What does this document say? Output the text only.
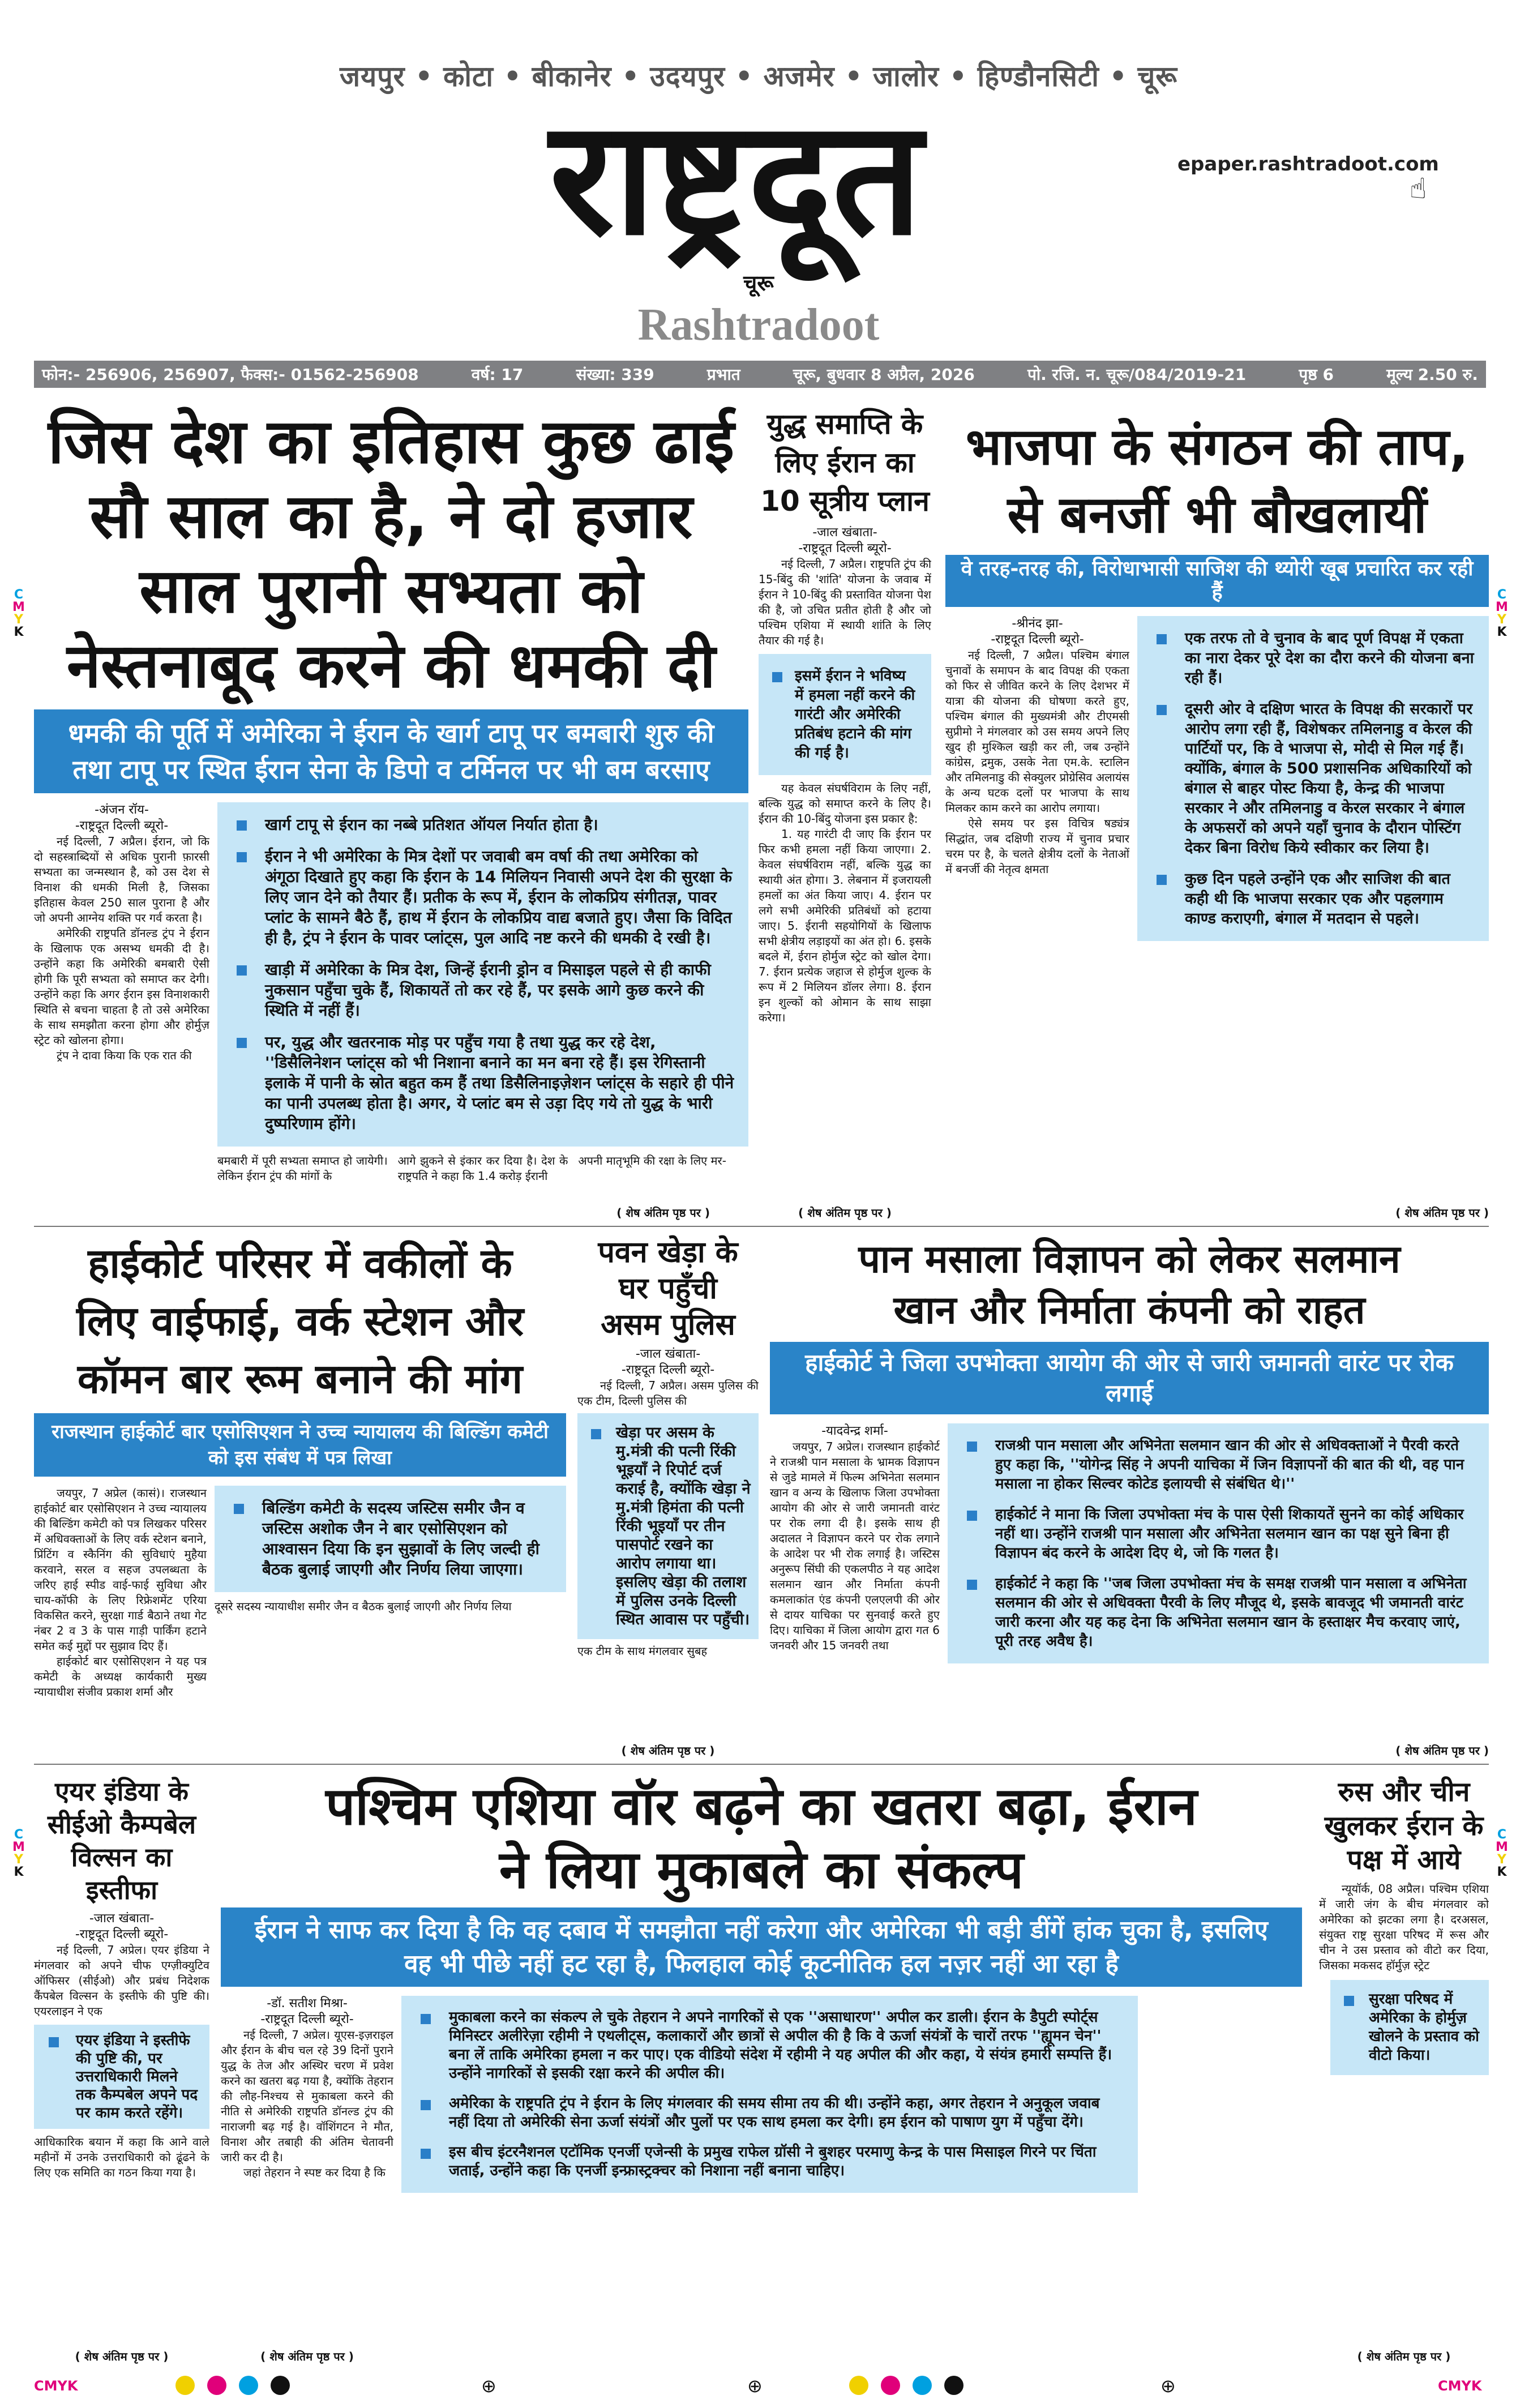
जयपुर • कोटा • बीकानेर • उदयपुर • अजमेर • जालोर • हिण्डौनसिटी • चूरू
राष्ट्रदूत
चूरू
Rashtradoot
epaper.rashtradoot.com
☝
फोन:- 256906, 256907, फैक्स:- 01562-256908	वर्ष: 17	संख्या: 339	प्रभात	चूरू, बुधवार 8 अप्रैल, 2026	पो. रजि. न. चूरू/084/2019-21	पृष्ठ 6	मूल्य 2.50 रु.
C
M
Y
K
C
M
Y
K
C
M
Y
K
C
M
Y
K
जिस देश का इतिहास कुछ ढाई
सौ साल का है, ने दो हजार
साल पुरानी सभ्यता को
नेस्तनाबूद करने की धमकी दी
धमकी की पूर्ति में अमेरिका ने ईरान के खार्ग टापू पर बमबारी शुरु की तथा टापू पर स्थित ईरान सेना के डिपो व टर्मिनल पर भी बम बरसाए
-अंजन रॉय-
-राष्ट्रदूत दिल्ली ब्यूरो-

नई दिल्ली, 7 अप्रैल। ईरान, जो कि दो सहस्त्राब्दियों से अधिक पुरानी फ़ारसी सभ्यता का जन्मस्थान है, को उस देश से विनाश की धमकी मिली है, जिसका इतिहास केवल 250 साल पुराना है और जो अपनी आग्नेय शक्ति पर गर्व करता है।

अमेरिकी राष्ट्रपति डॉनल्ड ट्रंप ने ईरान के खिलाफ एक असभ्य धमकी दी है। उन्होंने कहा कि अमेरिकी बमबारी ऐसी होगी कि पूरी सभ्यता को समाप्त कर देगी। उन्होंने कहा कि अगर ईरान इस विनाशकारी स्थिति से बचना चाहता है तो उसे अमेरिका के साथ समझौता करना होगा और होर्मुज़ स्ट्रेट को खोलना होगा।

ट्रंप ने दावा किया कि एक रात की

खार्ग टापू से ईरान का नब्बे प्रतिशत ऑयल निर्यात होता है।
ईरान ने भी अमेरिका के मित्र देशों पर जवाबी बम वर्षा की तथा अमेरिका को अंगूठा दिखाते हुए कहा कि ईरान के 14 मिलियन निवासी अपने देश की सुरक्षा के लिए जान देने को तैयार हैं। प्रतीक के रूप में, ईरान के लोकप्रिय संगीतज्ञ, पावर प्लांट के सामने बैठे हैं, हाथ में ईरान के लोकप्रिय वाद्य बजाते हुए। जैसा कि विदित ही है, ट्रंप ने ईरान के पावर प्लांट्स, पुल आदि नष्ट करने की धमकी दे रखी है।
खाड़ी में अमेरिका के मित्र देश, जिन्हें ईरानी ड्रोन व मिसाइल पहले से ही काफी नुकसान पहुँचा चुके हैं, शिकायतें तो कर रहे हैं, पर इसके आगे कुछ करने की स्थिति में नहीं हैं।
पर, युद्ध और खतरनाक मोड़ पर पहुँच गया है तथा युद्ध कर रहे देश, ''डिसैलिनेशन प्लांट्स को भी निशाना बनाने का मन बना रहे हैं। इस रेगिस्तानी इलाके में पानी के स्रोत बहुत कम हैं तथा डिसैलिनाइज़ेशन प्लांट्स के सहारे ही पीने का पानी उपलब्ध होता है। अगर, ये प्लांट बम से उड़ा दिए गये तो युद्ध के भारी दुष्परिणाम होंगे।
बमबारी में पूरी सभ्यता समाप्त हो जायेगी। लेकिन ईरान ट्रंप की मांगों के
आगे झुकने से इंकार कर दिया है। देश के राष्ट्रपति ने कहा कि 1.4 करोड़ ईरानी
अपनी मातृभूमि की रक्षा के लिए मर-
( शेष अंतिम पृष्ठ पर )
युद्ध समाप्ति के
लिए ईरान का
10 सूत्रीय प्लान
-जाल खंबाता-
-राष्ट्रदूत दिल्ली ब्यूरो-

नई दिल्ली, 7 अप्रैल। राष्ट्रपति ट्रंप की 15-बिंदु की 'शांति' योजना के जवाब में ईरान ने 10-बिंदु की प्रस्तावित योजना पेश की है, जो उचित प्रतीत होती है और जो पश्चिम एशिया में स्थायी शांति के लिए तैयार की गई है।

इसमें ईरान ने भविष्य में हमला नहीं करने की गारंटी और अमेरिकी प्रतिबंध हटाने की मांग की गई है।

यह केवल संघर्षविराम के लिए नहीं, बल्कि युद्ध को समाप्त करने के लिए है। ईरान की 10-बिंदु योजना इस प्रकार है:

1. यह गारंटी दी जाए कि ईरान पर फिर कभी हमला नहीं किया जाएगा। 2. केवल संघर्षविराम नहीं, बल्कि युद्ध का स्थायी अंत होगा। 3. लेबनान में इजरायली हमलों का अंत किया जाए। 4. ईरान पर लगे सभी अमेरिकी प्रतिबंधों को हटाया जाए। 5. ईरानी सहयोगियों के खिलाफ सभी क्षेत्रीय लड़ाइयों का अंत हो। 6. इसके बदले में, ईरान होर्मुज स्ट्रेट को खोल देगा। 7. ईरान प्रत्येक जहाज से होर्मुज शुल्क के रूप में 2 मिलियन डॉलर लेगा। 8. ईरान इन शुल्कों को ओमान के साथ साझा करेगा।

( शेष अंतिम पृष्ठ पर )
भाजपा के संगठन की ताप,
से बनर्जी भी बौखलायीं
वे तरह-तरह की, विरोधाभासी साजिश की थ्योरी खूब प्रचारित कर रही हैं
-श्रीनंद झा-
-राष्ट्रदूत दिल्ली ब्यूरो-

नई दिल्ली, 7 अप्रैल। पश्चिम बंगाल चुनावों के समापन के बाद विपक्ष की एकता को फिर से जीवित करने के लिए देशभर में यात्रा की योजना की घोषणा करते हुए, पश्चिम बंगाल की मुख्यमंत्री और टीएमसी सुप्रीमो ने मंगलवार को उस समय अपने लिए खुद ही मुश्किल खड़ी कर ली, जब उन्होंने कांग्रेस, द्रमुक, उसके नेता एम.के. स्टालिन और तमिलनाडु की सेक्युलर प्रोग्रेसिव अलायंस के अन्य घटक दलों पर भाजपा के साथ मिलकर काम करने का आरोप लगाया।

ऐसे समय पर इस विचित्र षड्यंत्र सिद्धांत, जब दक्षिणी राज्य में चुनाव प्रचार चरम पर है, के चलते क्षेत्रीय दलों के नेताओं में बनर्जी की नेतृत्व क्षमता

एक तरफ तो वे चुनाव के बाद पूर्ण विपक्ष में एकता का नारा देकर पूरे देश का दौरा करने की योजना बना रही हैं।
दूसरी ओर वे दक्षिण भारत के विपक्ष की सरकारों पर आरोप लगा रही हैं, विशेषकर तमिलनाडु व केरल की पार्टियों पर, कि वे भाजपा से, मोदी से मिल गई हैं। क्योंकि, बंगाल के 500 प्रशासनिक अधिकारियों को बंगाल से बाहर पोस्ट किया है, केन्द्र की भाजपा सरकार ने और तमिलनाडु व केरल सरकार ने बंगाल के अफसरों को अपने यहाँ चुनाव के दौरान पोस्टिंग देकर बिना विरोध किये स्वीकार कर लिया है।
कुछ दिन पहले उन्होंने एक और साजिश की बात कही थी कि भाजपा सरकार एक और पहलगाम काण्ड कराएगी, बंगाल में मतदान से पहले।
( शेष अंतिम पृष्ठ पर )
हाईकोर्ट परिसर में वकीलों के
लिए वाईफाई, वर्क स्टेशन और
कॉमन बार रूम बनाने की मांग
राजस्थान हाईकोर्ट बार एसोसिएशन ने उच्च न्यायालय की बिल्डिंग कमेटी को इस संबंध में पत्र लिखा

जयपुर, 7 अप्रेल (कासं)। राजस्थान हाईकोर्ट बार एसोसिएशन ने उच्च न्यायालय की बिल्डिंग कमेटी को पत्र लिखकर परिसर में अधिवक्ताओं के लिए वर्क स्टेशन बनाने, प्रिंटिंग व स्कैनिंग की सुविधाएं मुहैया करवाने, सरल व सहज उपलब्धता के जरिए हाई स्पीड वाई-फाई सुविधा और चाय-कॉफी के लिए रिफ्रेशमेंट एरिया विकसित करने, सुरक्षा गार्ड बैठाने तथा गेट नंबर 2 व 3 के पास गाड़ी पार्किंग हटाने समेत कई मुद्दों पर सुझाव दिए हैं।

हाईकोर्ट बार एसोसिएशन ने यह पत्र कमेटी के अध्यक्ष कार्यकारी मुख्य न्यायाधीश संजीव प्रकाश शर्मा और

बिल्डिंग कमेटी के सदस्य जस्टिस समीर जैन व जस्टिस अशोक जैन ने बार एसोसिएशन को आश्वासन दिया कि इन सुझावों के लिए जल्दी ही बैठक बुलाई जाएगी और निर्णय लिया जाएगा।
दूसरे सदस्य न्यायाधीश समीर जैन व बैठक बुलाई जाएगी और निर्णय लिया
पवन खेड़ा के
घर पहुँची
असम पुलिस
-जाल खंबाता-
-राष्ट्रदूत दिल्ली ब्यूरो-

नई दिल्ली, 7 अप्रैल। असम पुलिस की एक टीम, दिल्ली पुलिस की

खेड़ा पर असम के मु.मंत्री की पत्नी रिंकी भूइयाँ ने रिपोर्ट दर्ज कराई है, क्योंकि खेड़ा ने मु.मंत्री हिमंता की पत्नी रिंकी भूइयाँ पर तीन पासपोर्ट रखने का आरोप लगाया था। इसलिए खेड़ा की तलाश में पुलिस उनके दिल्ली स्थित आवास पर पहुँची।
एक टीम के साथ मंगलवार सुबह
( शेष अंतिम पृष्ठ पर )
पान मसाला विज्ञापन को लेकर सलमान
खान और निर्माता कंपनी को राहत
हाईकोर्ट ने जिला उपभोक्ता आयोग की ओर से जारी जमानती वारंट पर रोक लगाई
-यादवेन्द्र शर्मा-

जयपुर, 7 अप्रेल। राजस्थान हाईकोर्ट ने राजश्री पान मसाला के भ्रामक विज्ञापन से जुडे मामले में फिल्म अभिनेता सलमान खान व अन्य के खिलाफ जिला उपभोक्ता आयोग की ओर से जारी जमानती वारंट पर रोक लगा दी है। इसके साथ ही अदालत ने विज्ञापन करने पर रोक लगाने के आदेश पर भी रोक लगाई है। जस्टिस अनुरूप सिंघी की एकलपीठ ने यह आदेश सलमान खान और निर्माता कंपनी कमलाकांत एंड कंपनी एलएलपी की ओर से दायर याचिका पर सुनवाई करते हुए दिए। याचिका में जिला आयोग द्वारा गत 6 जनवरी और 15 जनवरी तथा

राजश्री पान मसाला और अभिनेता सलमान खान की ओर से अधिवक्ताओं ने पैरवी करते हुए कहा कि, ''योगेन्द्र सिंह ने अपनी याचिका में जिन विज्ञापनों की बात की थी, वह पान मसाला ना होकर सिल्वर कोटेड इलायची से संबंधित थे।''
हाईकोर्ट ने माना कि जिला उपभोक्ता मंच के पास ऐसी शिकायतें सुनने का कोई अधिकार नहीं था। उन्होंने राजश्री पान मसाला और अभिनेता सलमान खान का पक्ष सुने बिना ही विज्ञापन बंद करने के आदेश दिए थे, जो कि गलत है।
हाईकोर्ट ने कहा कि ''जब जिला उपभोक्ता मंच के समक्ष राजश्री पान मसाला व अभिनेता सलमान की ओर से अधिवक्ता पैरवी के लिए मौजूद थे, इसके बावजूद भी जमानती वारंट जारी करना और यह कह देना कि अभिनेता सलमान खान के हस्ताक्षर मैच करवाए जाएं, पूरी तरह अवैध है।
( शेष अंतिम पृष्ठ पर )
एयर इंडिया के
सीईओ कैम्पबेल
विल्सन का
इस्तीफा
-जाल खंबाता-
-राष्ट्रदूत दिल्ली ब्यूरो-

नई दिल्ली, 7 अप्रेल। एयर इंडिया ने मंगलवार को अपने चीफ एग्ज़ीक्युटिव ऑफिसर (सीईओ) और प्रबंध निदेशक कैंपबेल विल्सन के इस्तीफे की पुष्टि की। एयरलाइन ने एक

एयर इंडिया ने इस्तीफे की पुष्टि की, पर उत्तराधिकारी मिलने तक कैम्पबेल अपने पद पर काम करते रहेंगे।
आधिकारिक बयान में कहा कि आने वाले महीनों में उनके उत्तराधिकारी को ढूंढने के लिए एक समिति का गठन किया गया है।
( शेष अंतिम पृष्ठ पर )
पश्चिम एशिया वॉर बढ़ने का खतरा बढ़ा, ईरान
ने लिया मुकाबले का संकल्प
ईरान ने साफ कर दिया है कि वह दबाव में समझौता नहीं करेगा और अमेरिका भी बड़ी डींगें हांक चुका है, इसलिए वह भी पीछे नहीं हट रहा है, फिलहाल कोई कूटनीतिक हल नज़र नहीं आ रहा है
-डॉ. सतीश मिश्रा-
-राष्ट्रदूत दिल्ली ब्यूरो-

नई दिल्ली, 7 अप्रेल। यूएस-इज़राइल और ईरान के बीच चल रहे 39 दिनों पुराने युद्ध के तेज और अस्थिर चरण में प्रवेश करने का खतरा बढ़ गया है, क्योंकि तेहरान की लौह-निश्चय से मुकाबला करने की नीति से अमेरिकी राष्ट्रपति डॉनल्ड ट्रंप की नाराजगी बढ़ गई है। वॉशिंगटन ने मौत, विनाश और तबाही की अंतिम चेतावनी जारी कर दी है।

जहां तेहरान ने स्पष्ट कर दिया है कि

( शेष अंतिम पृष्ठ पर )
मुकाबला करने का संकल्प ले चुके तेहरान ने अपने नागरिकों से एक ''असाधारण'' अपील कर डाली। ईरान के डैपुटी स्पोर्ट्स मिनिस्टर अलीरेज़ा रहीमी ने एथलीट्स, कलाकारों और छात्रों से अपील की है कि वे ऊर्जा संयंत्रों के चारों तरफ ''ह्यूमन चेन'' बना लें ताकि अमेरिका हमला न कर पाए। एक वीडियो संदेश में रहीमी ने यह अपील की और कहा, ये संयंत्र हमारी सम्पत्ति हैं। उन्होंने नागरिकों से इसकी रक्षा करने की अपील की।
अमेरिका के राष्ट्रपति ट्रंप ने ईरान के लिए मंगलवार की समय सीमा तय की थी। उन्होंने कहा, अगर तेहरान ने अनुकूल जवाब नहीं दिया तो अमेरिकी सेना ऊर्जा संयंत्रों और पुलों पर एक साथ हमला कर देगी। हम ईरान को पाषाण युग में पहुँचा देंगे।
इस बीच इंटरनैशनल एटॉमिक एनर्जी एजेन्सी के प्रमुख राफेल ग्रॉसी ने बुशहर परमाणु केन्द्र के पास मिसाइल गिरने पर चिंता जताई, उन्होंने कहा कि एनर्जी इन्फ्रास्ट्रक्चर को निशाना नहीं बनाना चाहिए।
रुस और चीन
खुलकर ईरान के
पक्ष में आये

न्यूयॉर्क, 08 अप्रैल। पश्चिम एशिया में जारी जंग के बीच मंगलवार को अमेरिका को झटका लगा है। दरअसल, संयुक्त राष्ट्र सुरक्षा परिषद में रूस और चीन ने उस प्रस्ताव को वीटो कर दिया, जिसका मकसद हॉर्मुज़ स्ट्रेट

सुरक्षा परिषद में अमेरिका के होर्मुज़ खोलने के प्रस्ताव को वीटो किया।
( शेष अंतिम पृष्ठ पर )
CMYK	CMYK
⊕	⊕	⊕
